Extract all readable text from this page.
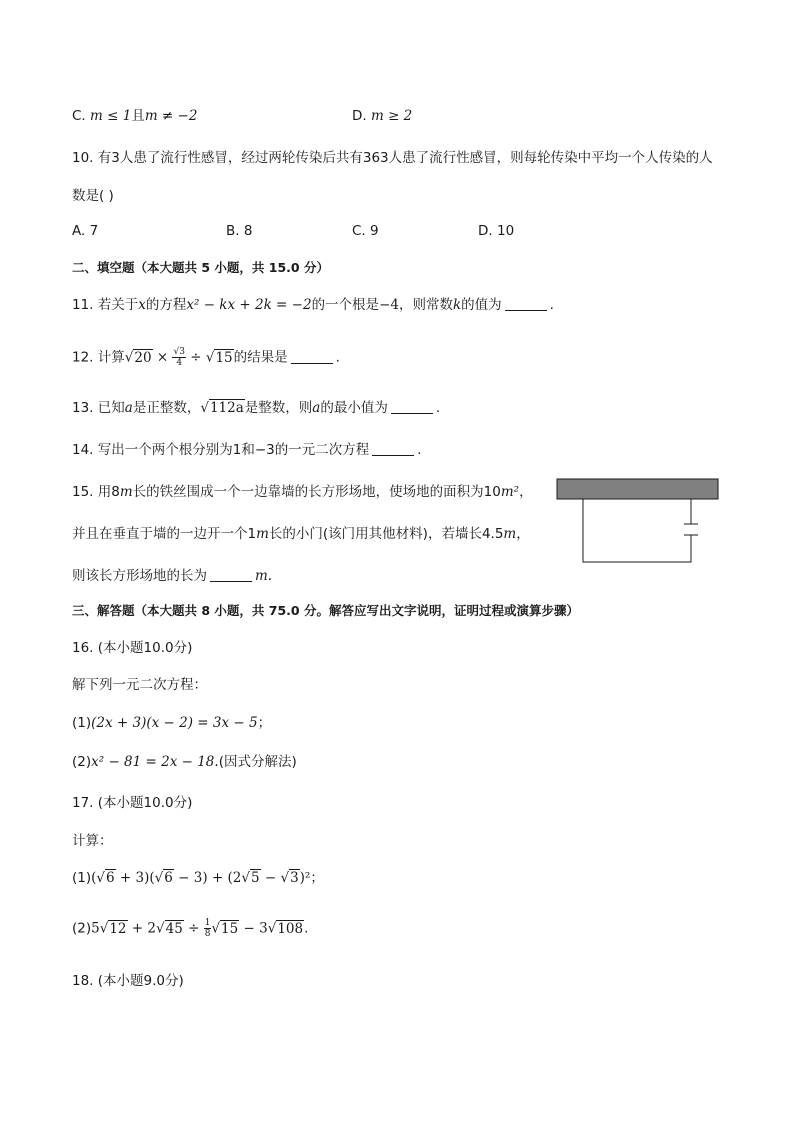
C. m ≤ 1且m ≠ −2	D. m ≥ 2
10. 有3人患了流行性感冒，经过两轮传染后共有363人患了流行性感冒，则每轮传染中平均一个人传染的人
数是( )
A. 7	B. 8	C. 9	D. 10
二、填空题（本大题共 5 小题，共 15.0 分）
11. 若关于x的方程x² − kx + 2k = −2的一个根是−4，则常数k的值为	.
12. 计算$√20 \times \frac{√3}{4} \div √15$的结果是	.
13. 已知a是正整数，√112a是整数，则a的最小值为	.
14. 写出一个两个根分别为1和−3的一元二次方程	.
15. 用8m长的铁丝围成一个一边靠墙的长方形场地，使场地的面积为10m²，
并且在垂直于墙的一边开一个1m长的小门(该门用其他材料)，若墙长4.5m，
则该长方形场地的长为	m.
三、解答题（本大题共 8 小题，共 75.0 分。解答应写出文字说明，证明过程或演算步骤）
16. (本小题10.0分)
解下列一元二次方程：
(1)(2x + 3)(x − 2) = 3x − 5；
(2)x² − 81 = 2x − 18.(因式分解法)
17. (本小题10.0分)
计算：
(1)(√6 + 3)(√6 − 3) + (2√5 − √3)²；
$(2)5√12 + 2√45 \div \frac{1}{8} √15 - 3√108$.
18. (本小题9.0分)
